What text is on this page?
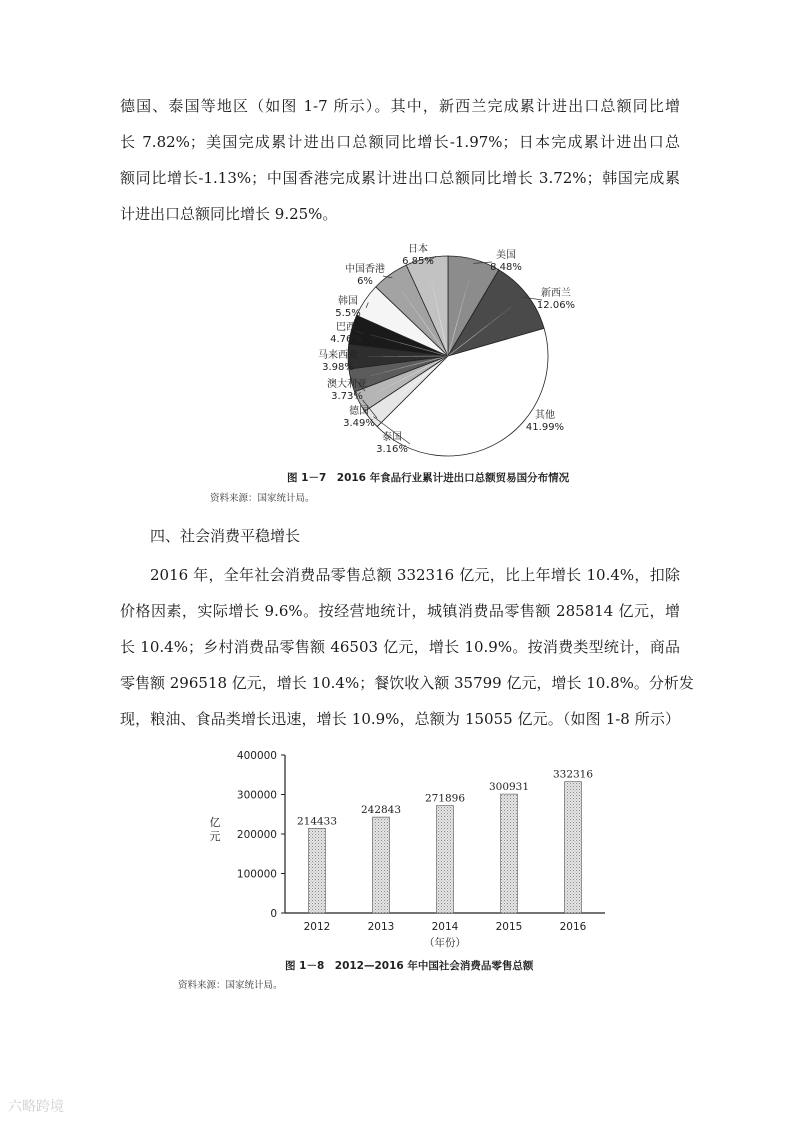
德国、泰国等地区（如图 1-7 所示）。其中，新西兰完成累计进出口总额同比增
长 7.82%；美国完成累计进出口总额同比增长-1.97%；日本完成累计进出口总
额同比增长-1.13%；中国香港完成累计进出口总额同比增长 3.72%；韩国完成累
计进出口总额同比增长 9.25%。
美国
8.48%
新西兰
12.06%
其他
41.99%
泰国
3.16%
德国
3.49%
澳大利亚
3.73%
马来西亚
3.98%
巴西
4.76%
韩国
5.5%
中国香港
6%
日本
6.85%
图 1－7　2016 年食品行业累计进出口总额贸易国分布情况
资料来源：国家统计局。

四、社会消费平稳增长

2016 年，全年社会消费品零售总额 332316 亿元，比上年增长 10.4%，扣除
价格因素，实际增长 9.6%。按经营地统计，城镇消费品零售额 285814 亿元，增
长 10.4%；乡村消费品零售额 46503 亿元，增长 10.9%。按消费类型统计，商品
零售额 296518 亿元，增长 10.4%；餐饮收入额 35799 亿元，增长 10.8%。分析发
现，粮油、食品类增长迅速，增长 10.9%，总额为 15055 亿元。（如图 1-8 所示）
0
100000
200000
300000
400000
214433
2012
242843
2013
271896
2014
300931
2015
332316
2016
（年份）
亿元
图 1－8　2012—2016 年中国社会消费品零售总额
资料来源：国家统计局。
六略跨境
